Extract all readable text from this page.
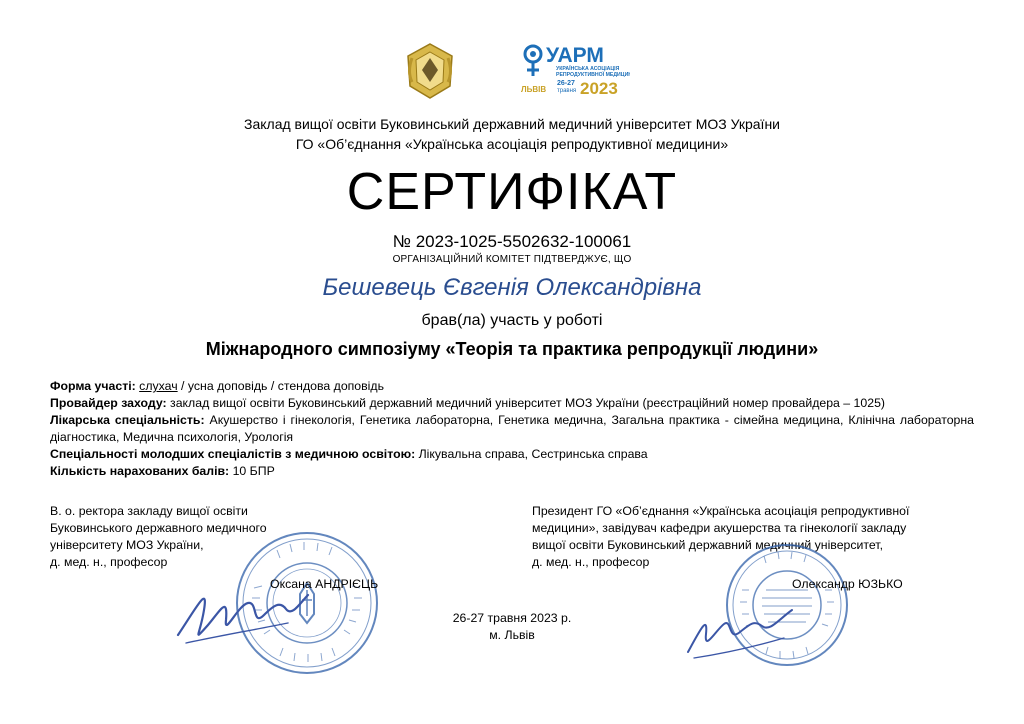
УАРМ
УКРАЇНСЬКА АСОЦІАЦІЯ
РЕПРОДУКТИВНОЇ МЕДИЦИНИ
ЛЬВІВ
26-27
травня 2023
Заклад вищої освіти Буковинський державний медичний університет МОЗ України
ГО «Об’єднання «Українська асоціація репродуктивної медицини»
СЕРТИФІКАТ
№ 2023-1025-5502632-100061
ОРГАНІЗАЦІЙНИЙ КОМІТЕТ ПІДТВЕРДЖУЄ, ЩО
Бешевець Євгенія Олександрівна
брав(ла) участь у роботі
Міжнародного симпозіуму «Теорія та практика репродукції людини»

Форма участі: слухач / усна доповідь / стендова доповідь

Провайдер заходу: заклад вищої освіти Буковинський державний медичний університет МОЗ України (реєстраційний номер провайдера – 1025)

Лікарська спеціальність: Акушерство і гінекологія, Генетика лабораторна, Генетика медична, Загальна практика - сімейна медицина, Клінічна лабораторна діагностика, Медична психологія, Урологія

Спеціальності молодших спеціалістів з медичною освітою: Лікувальна справа, Сестринська справа

Кількість нарахованих балів: 10 БПР

В. о. ректора закладу вищої освіти
Буковинського державного медичного
університету МОЗ України,
д. мед. н., професор
Президент ГО «Об’єднання «Українська асоціація репродуктивної
медицини», завідувач кафедри акушерства та гінекології закладу
вищої освіти Буковинський державний медичний університет,
д. мед. н., професор
Оксана АНДРІЄЦЬ	Олександр ЮЗЬКО
26-27 травня 2023 р.
м. Львів
